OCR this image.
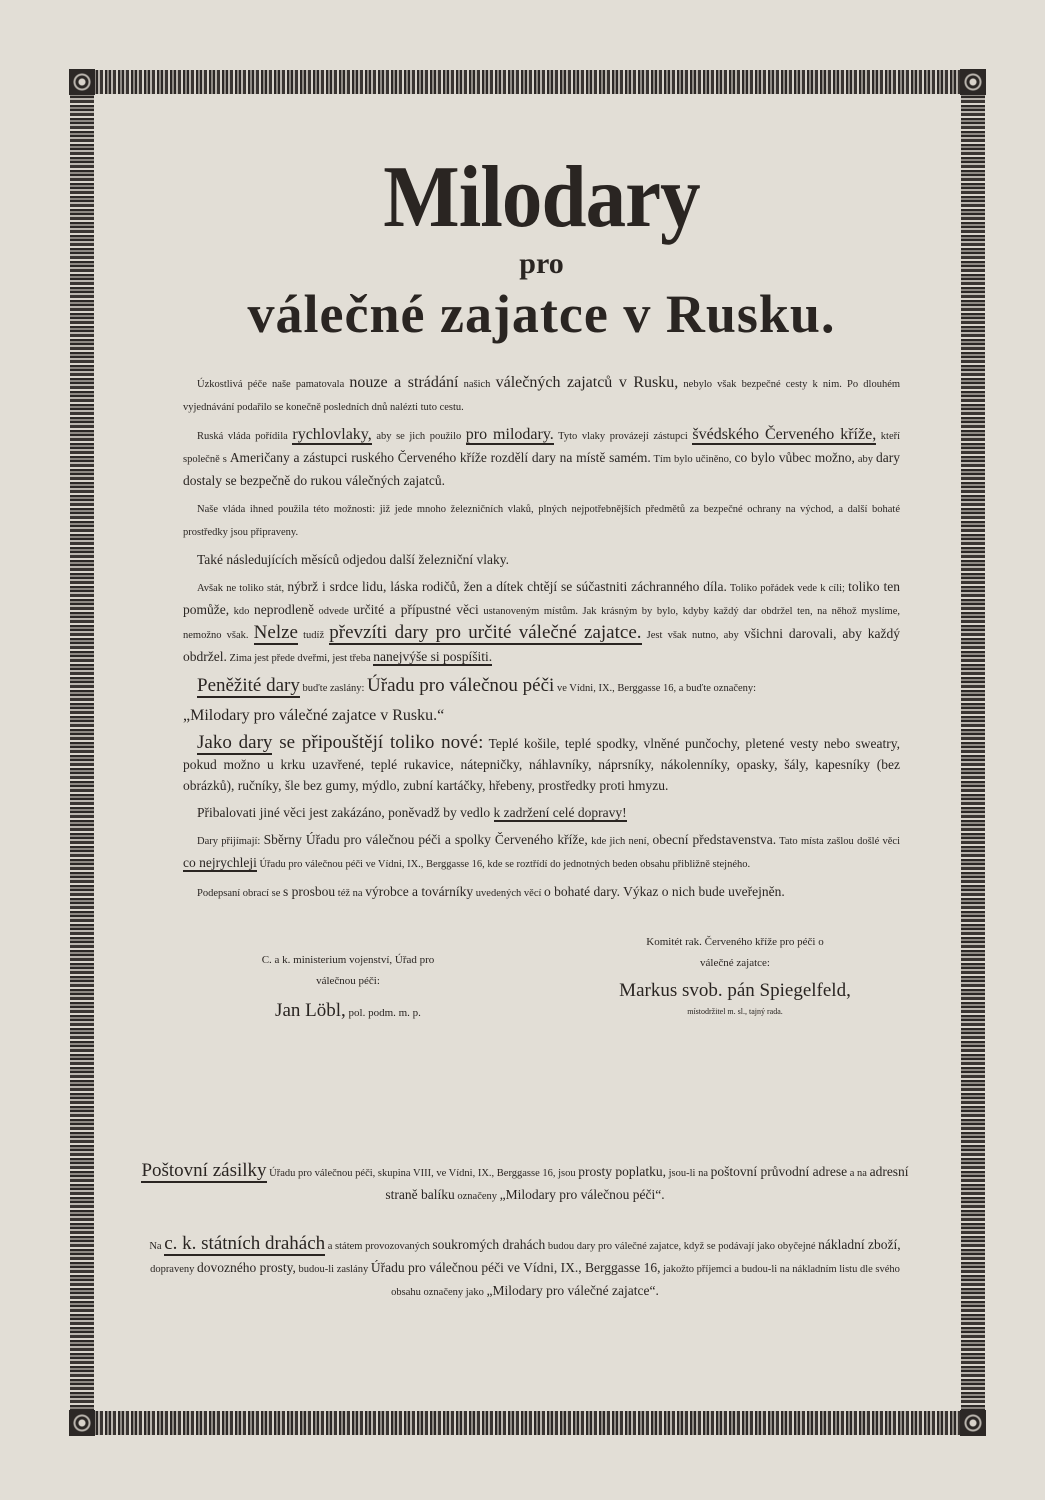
Milodary
pro
válečné zajatce v Rusku.

Úzkostlivá péče naše pamatovala nouze a strádání našich válečných zajatců v Rusku, nebylo však bezpečné cesty k nim. Po dlouhém vyjednávání podařilo se konečně posledních dnů nalézti tuto cestu.

Ruská vláda pořídila rychlovlaky, aby se jich použilo pro milodary. Tyto vlaky provázejí zástupci švédského Červeného kříže, kteří společně s Američany a zástupci ruského Červeného kříže rozdělí dary na místě samém. Tím bylo učiněno, co bylo vůbec možno, aby dary dostaly se bezpečně do rukou válečných zajatců.

Naše vláda ihned použila této možnosti: již jede mnoho železničních vlaků, plných nejpotřebnějších předmětů za bezpečné ochrany na východ, a další bohaté prostředky jsou připraveny.

Také následujících měsíců odjedou další železniční vlaky.

Avšak ne toliko stát, nýbrž i srdce lidu, láska rodičů, žen a dítek chtějí se súčastniti záchranného díla. Toliko pořádek vede k cíli; toliko ten pomůže, kdo neprodleně odvede určité a přípustné věci ustanoveným místům. Jak krásným by bylo, kdyby každý dar obdržel ten, na něhož myslíme, nemožno však. Nelze tudíž převzíti dary pro určité válečné zajatce. Jest však nutno, aby všichni darovali, aby každý obdržel. Zima jest přede dveřmi, jest třeba nanejvýše si pospíšiti.

Peněžité dary buďte zaslány: Úřadu pro válečnou péči ve Vídni, IX., Berggasse 16, a buďte označeny:

„Milodary pro válečné zajatce v Rusku.“

Jako dary se připouštějí toliko nové: Teplé košile, teplé spodky, vlněné punčochy, pletené vesty nebo sweatry, pokud možno u krku uzavřené, teplé rukavice, nátepničky, náhlavníky, náprsníky, nákolenníky, opasky, šály, kapesníky (bez obrázků), ručníky, šle bez gumy, mýdlo, zubní kartáčky, hřebeny, prostředky proti hmyzu.

Přibalovati jiné věci jest zakázáno, poněvadž by vedlo k zadržení celé dopravy!

Dary přijímají: Sběrny Úřadu pro válečnou péči a spolky Červeného kříže, kde jich není, obecní představenstva. Tato místa zašlou došlé věci co nejrychleji Úřadu pro válečnou péči ve Vídni, IX., Berggasse 16, kde se roztřídí do jednotných beden obsahu přibližně stejného.

Podepsaní obrací se s prosbou též na výrobce a továrníky uvedených věcí o bohaté dary. Výkaz o nich bude uveřejněn.

C. a k. ministerium vojenství, Úřad pro válečnou péči:
Jan Löbl, pol. podm. m. p.
Komitét rak. Červeného kříže pro péči o válečné zajatce:
Markus svob. pán Spiegelfeld,
místodržitel m. sl., tajný rada.

Poštovní zásilky Úřadu pro válečnou péči, skupina VIII, ve Vídni, IX., Berggasse 16, jsou prosty poplatku, jsou-li na poštovní průvodní adrese a na adresní straně balíku označeny „Milodary pro válečnou péči“.

Na c. k. státních drahách a státem provozovaných soukromých drahách budou dary pro válečné zajatce, když se podávají jako obyčejné nákladní zboží, dopraveny dovozného prosty, budou-li zaslány Úřadu pro válečnou péči ve Vídni, IX., Berggasse 16, jakožto příjemci a budou-li na nákladním listu dle svého obsahu označeny jako „Milodary pro válečné zajatce“.
